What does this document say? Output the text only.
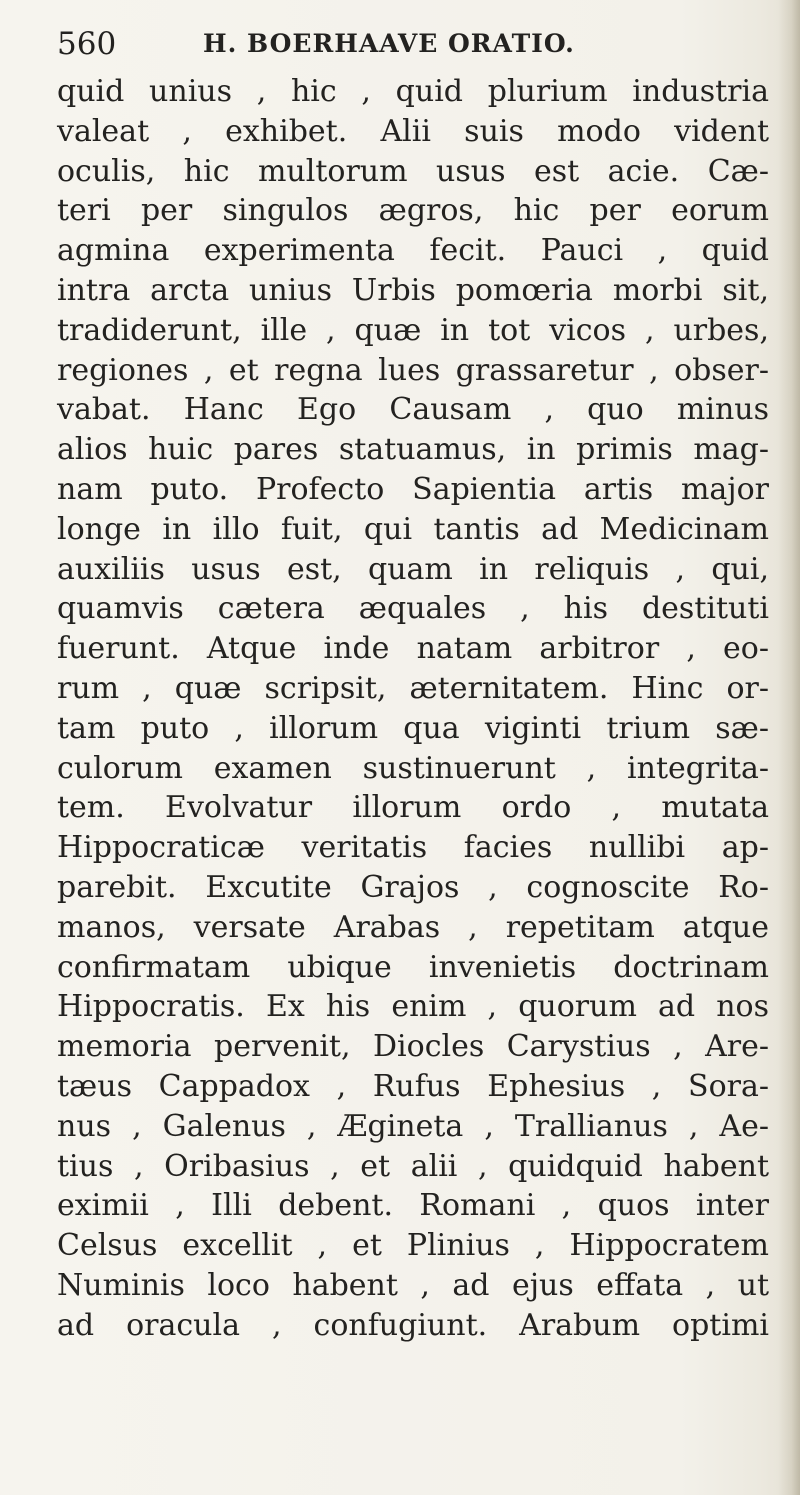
560	H. BOERHAAVE ORATIO.
quid unius , hic , quid plurium industria
valeat , exhibet. Alii suis modo vident
oculis, hic multorum usus est acie. Cæ-
teri per singulos ægros, hic per eorum
agmina experimenta fecit. Pauci , quid
intra arcta unius Urbis pomœria morbi sit,
tradiderunt, ille , quæ in tot vicos , urbes,
regiones , et regna lues grassaretur , obser-
vabat. Hanc Ego Causam , quo minus
alios huic pares statuamus, in primis mag-
nam puto. Profecto Sapientia artis major
longe in illo fuit, qui tantis ad Medicinam
auxiliis usus est, quam in reliquis , qui,
quamvis cætera æquales , his destituti
fuerunt. Atque inde natam arbitror , eo-
rum , quæ scripsit, æternitatem. Hinc or-
tam puto , illorum qua viginti trium sæ-
culorum examen sustinuerunt , integrita-
tem. Evolvatur illorum ordo , mutata
Hippocraticæ veritatis facies nullibi ap-
parebit. Excutite Grajos , cognoscite Ro-
manos, versate Arabas , repetitam atque
confirmatam ubique invenietis doctrinam
Hippocratis. Ex his enim , quorum ad nos
memoria pervenit, Diocles Carystius , Are-
tæus Cappadox , Rufus Ephesius , Sora-
nus , Galenus , Ægineta , Trallianus , Ae-
tius , Oribasius , et alii , quidquid habent
eximii , Illi debent. Romani , quos inter
Celsus excellit , et Plinius , Hippocratem
Numinis loco habent , ad ejus effata , ut
ad oracula , confugiunt. Arabum optimi
